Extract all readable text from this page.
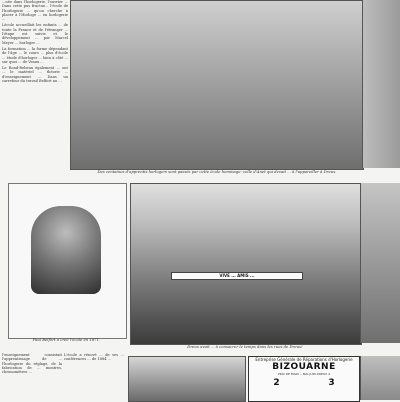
...née dans l'horlogerie, l'ouvrier ... Dans cette pus fructue... l'école de l'horlogerie ... qu'on cherche à placer à l'Horloge ... en horlogerie ...

Lécole accueillait les enfants ... de toute la France et de l'étranger ... l'étape est suivie et le développement ... par Marcel Meyer ... horloger ...

La formation ... la forme dépendant de l'âge ... le cours ... plus d'école ... étude d'horloger ... bien à côté ... sur quoi ... de Veaux ...

Le Rond-Rebeux également ... ont ... le matériel ... théorie ... d'enseignement ... Dans un carrefour du travail Belfort au ...

Des centaines d'apprentis horlogers sont passés par cette école hommage: celle d'Anet qui devait ... à l'appareiller à Dreux.
Paul Belfort a créé l'école en 1871.
VIVE ... AMIS ...
Dreux avait ... à consacrer le temps dans les rues de Dreux!
l'enseignement consistait l'apprentissage de ... l'horlogerie du réglage, de la fabrication de ... montres, chronomètres ...
L'école a rénové ... de ses ... conférences ... de 1884 ...	Entreprise Générale de Réparations d'Horlogerie
BIZOUARNE
PRIX DE MAIN -- MAI-JUIN DREUX 4
2	3
